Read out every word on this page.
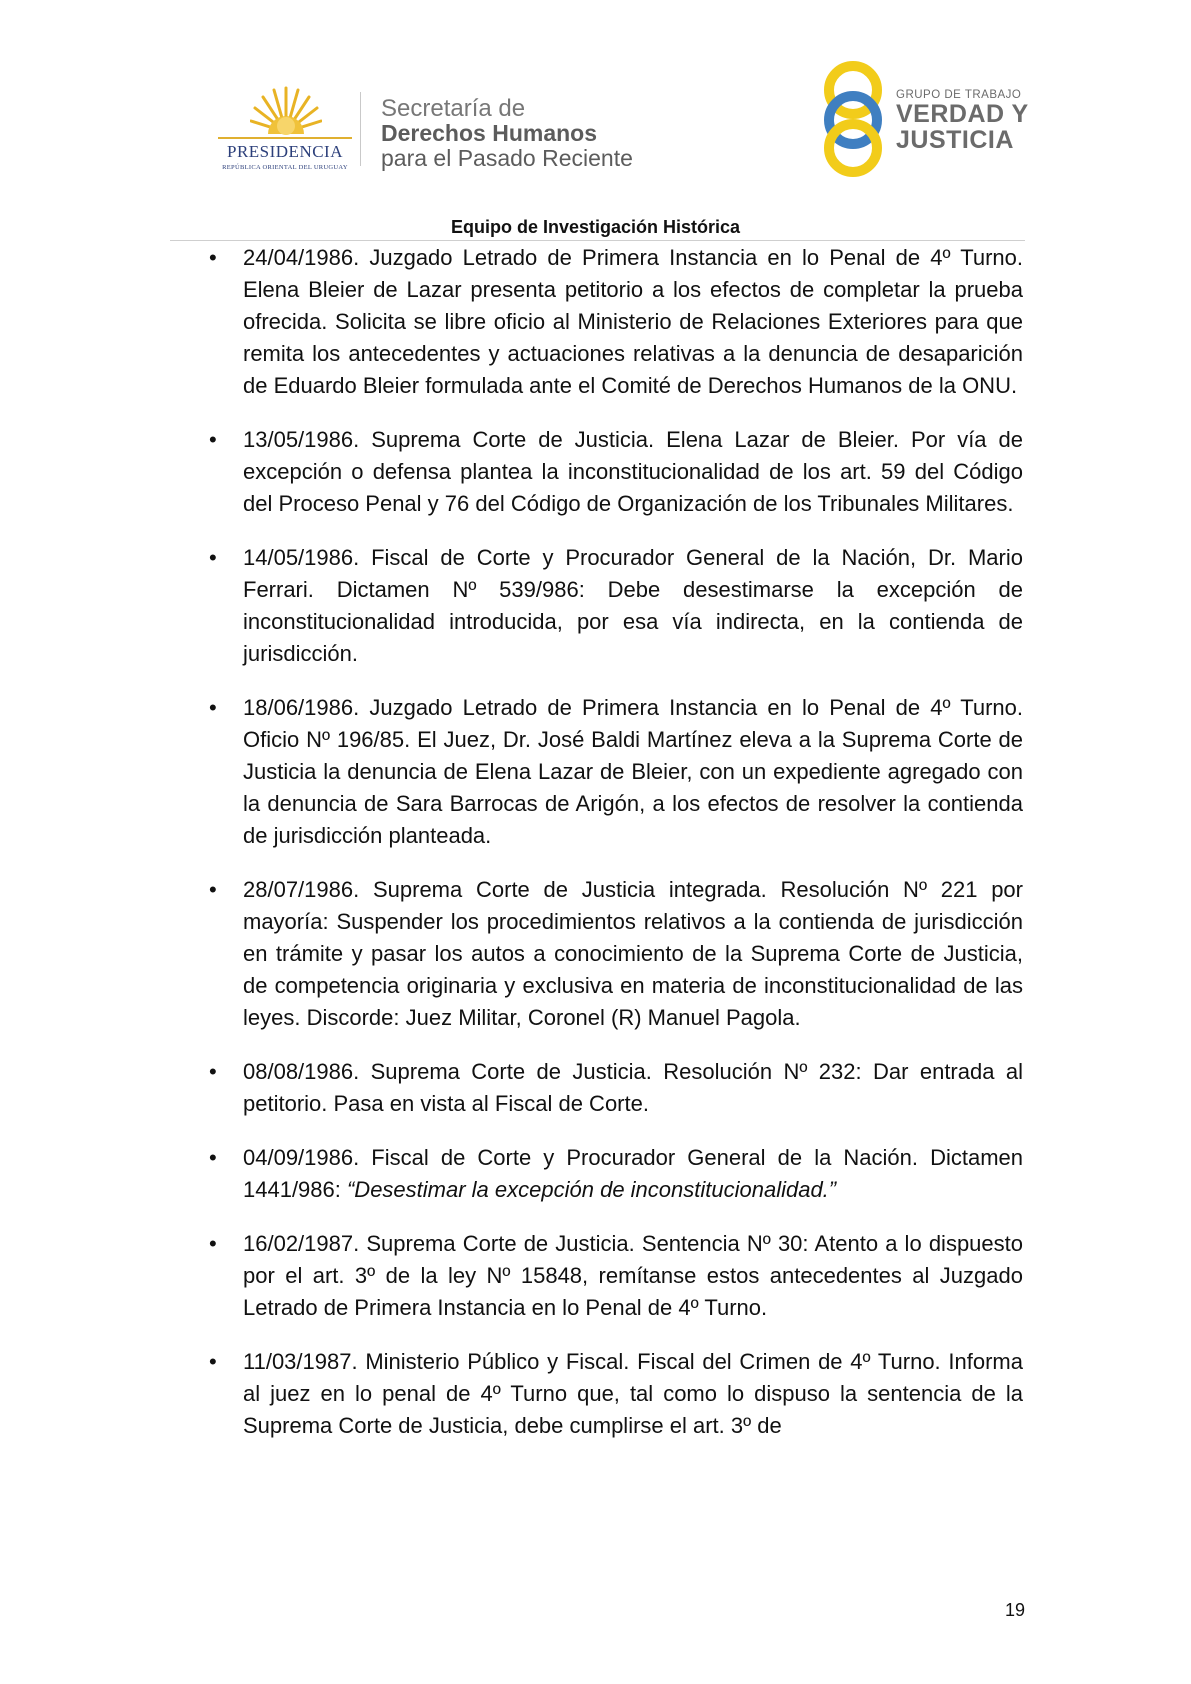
PRESIDENCIA
REPÚBLICA ORIENTAL DEL URUGUAY
Secretaría de
Derechos Humanos
para el Pasado Reciente
GRUPO DE TRABAJO
VERDAD Y
JUSTICIA
Equipo de Investigación Histórica
• 24/04/1986. Juzgado Letrado de Primera Instancia en lo Penal de 4º Turno. Elena Bleier de Lazar presenta petitorio a los efectos de completar la prueba ofrecida. Solicita se libre oficio al Ministerio de Relaciones Exteriores para que remita los antecedentes y actuaciones relativas a la denuncia de desaparición de Eduardo Bleier formulada ante el Comité de Derechos Humanos de la ONU.
• 13/05/1986. Suprema Corte de Justicia. Elena Lazar de Bleier. Por vía de excepción o defensa plantea la inconstitucionalidad de los art. 59 del Código del Proceso Penal y 76 del Código de Organización de los Tribunales Militares.
• 14/05/1986. Fiscal de Corte y Procurador General de la Nación, Dr. Mario Ferrari. Dictamen Nº 539/986: Debe desestimarse la excepción de inconstitucionalidad introducida, por esa vía indirecta, en la contienda de jurisdicción.
• 18/06/1986. Juzgado Letrado de Primera Instancia en lo Penal de 4º Turno. Oficio Nº 196/85. El Juez, Dr. José Baldi Martínez eleva a la Suprema Corte de Justicia la denuncia de Elena Lazar de Bleier, con un expediente agregado con la denuncia de Sara Barrocas de Arigón, a los efectos de resolver la contienda de jurisdicción planteada.
• 28/07/1986. Suprema Corte de Justicia integrada. Resolución Nº 221 por mayoría: Suspender los procedimientos relativos a la contienda de jurisdicción en trámite y pasar los autos a conocimiento de la Suprema Corte de Justicia, de competencia originaria y exclusiva en materia de inconstitucionalidad de las leyes. Discorde: Juez Militar, Coronel (R) Manuel Pagola.
• 08/08/1986. Suprema Corte de Justicia. Resolución Nº 232: Dar entrada al petitorio. Pasa en vista al Fiscal de Corte.
• 04/09/1986. Fiscal de Corte y Procurador General de la Nación. Dictamen 1441/986: “Desestimar la excepción de inconstitucionalidad.”
• 16/02/1987. Suprema Corte de Justicia. Sentencia Nº 30: Atento a lo dispuesto por el art. 3º de la ley Nº 15848, remítanse estos antecedentes al Juzgado Letrado de Primera Instancia en lo Penal de 4º Turno.
• 11/03/1987. Ministerio Público y Fiscal. Fiscal del Crimen de 4º Turno. Informa al juez en lo penal de 4º Turno que, tal como lo dispuso la sentencia de la Suprema Corte de Justicia, debe cumplirse el art. 3º de
19
